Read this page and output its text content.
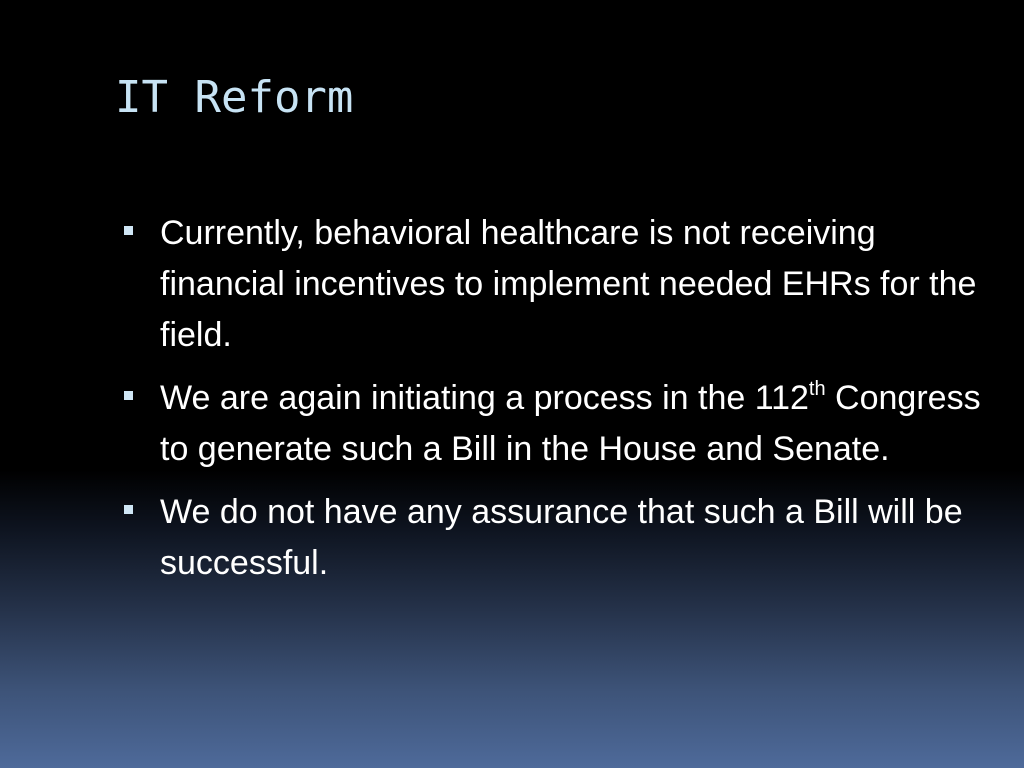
IT Reform
Currently, behavioral healthcare is not receiving financial incentives to implement needed EHRs for the field.
We are again initiating a process in the 112th Congress to generate such a Bill in the House and Senate.
We do not have any assurance that such a Bill will be successful.
